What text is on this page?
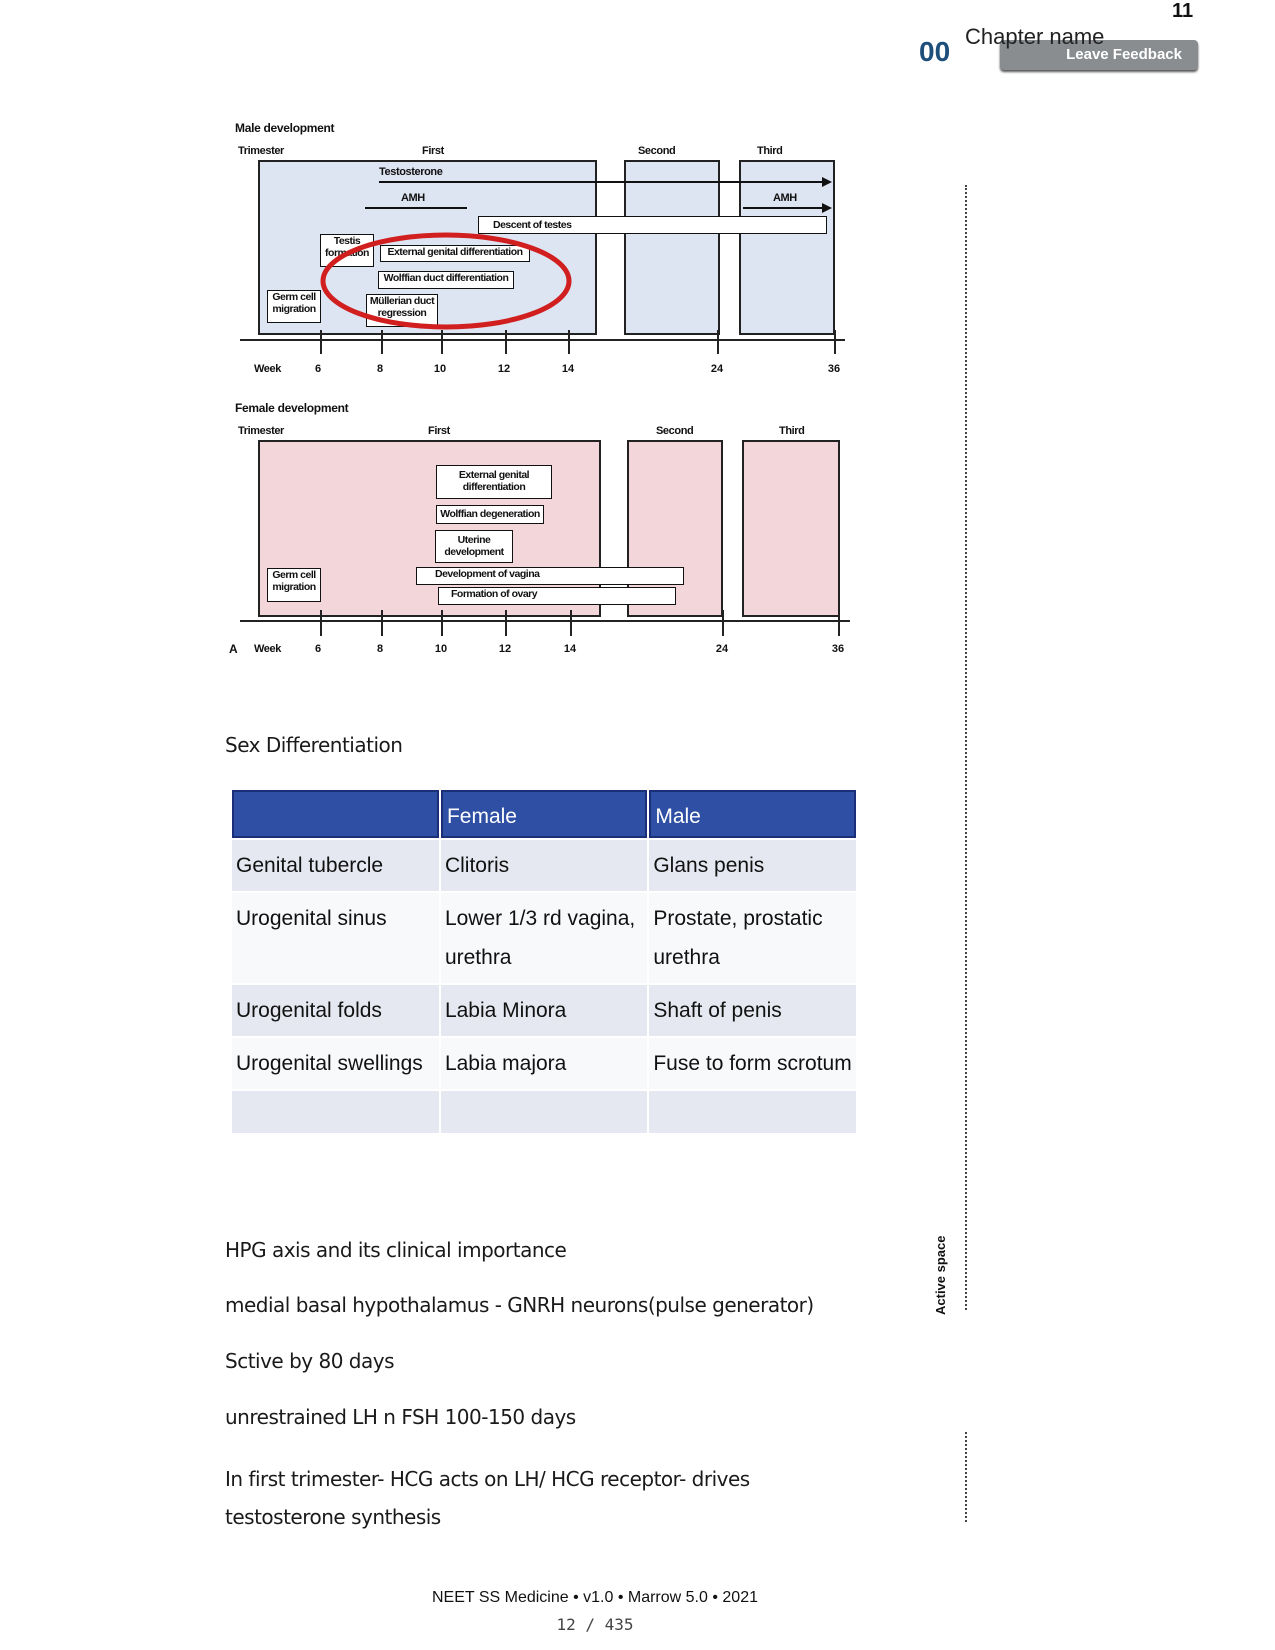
11
00	Leave Feedback
Chapter name
Male development
Trimester	First	Second	Third
Testosterone
AMH	AMH
Descent of testes
Testis formation	External genital differentiation
Wolffian duct differentiation
Germ cell migration
Müllerian duct regression
Week	6	8	10	12	14	24	36
Female development
Trimester	First	Second	Third
External genital differentiation
Wolffian degeneration
Uterine development
Development of vagina
Formation of ovary
Germ cell migration
A Week	6	8	10	12	14	24	36
Sex Differentiation
	Female	Male
Genital tubercle	Clitoris	Glans penis
Urogenital sinus	Lower 1/3 rd vagina, urethra	Prostate, prostatic urethra
Urogenital folds	Labia Minora	Shaft of penis
Urogenital swellings	Labia majora	Fuse to form scrotum

HPG axis and its clinical importance
medial basal hypothalamus - GNRH neurons(pulse generator)
Sctive by 80 days
unrestrained LH n FSH 100-150 days
In first trimester- HCG acts on LH/ HCG receptor- drives testosterone synthesis
Active space
NEET SS Medicine • v1.0 • Marrow 5.0 • 2021
12 / 435
